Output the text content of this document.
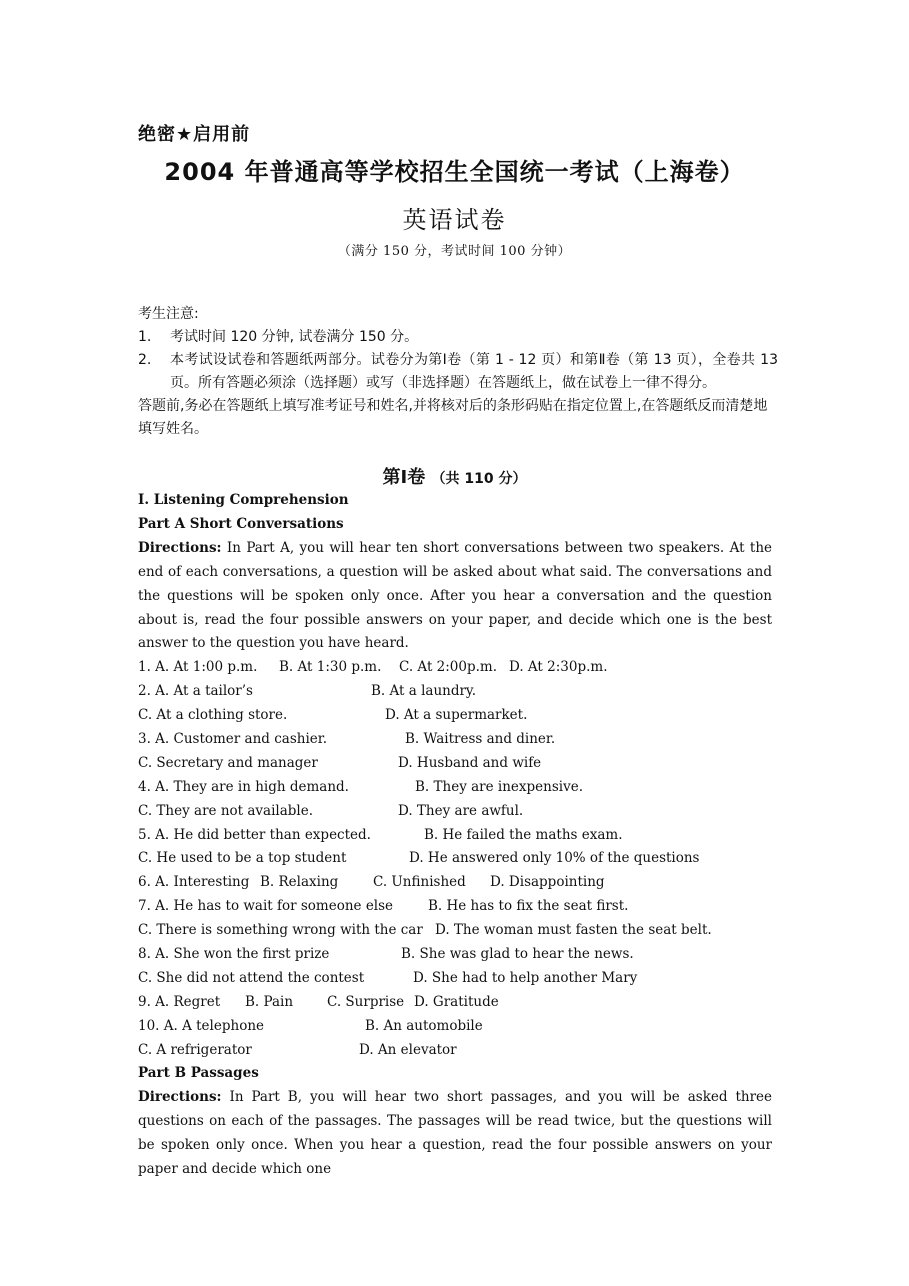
绝密★启用前
2004 年普通高等学校招生全国统一考试（上海卷）
英语试卷
（满分 150 分，考试时间 100 分钟）
考生注意:
1. 考试时间 120 分钟, 试卷满分 150 分。
2.	本考试设试卷和答题纸两部分。试卷分为第Ⅰ卷（第 1 - 12 页）和第Ⅱ卷（第 13 页），全卷共 13 页。所有答题必须涂（选择题）或写（非选择题）在答题纸上，做在试卷上一律不得分。
答题前,务必在答题纸上填写准考证号和姓名,并将核对后的条形码贴在指定位置上,在答题纸反而清楚地填写姓名。
第Ⅰ卷 （共 110 分）
I. Listening Comprehension
Part A Short Conversations
Directions: In Part A, you will hear ten short conversations between two speakers. At the end of each conversations, a question will be asked about what said. The conversations and the questions will be spoken only once. After you hear a conversation and the question about is, read the four possible answers on your paper, and decide which one is the best answer to the question you have heard.
1. A. At 1:00 p.m. B. At 1:30 p.m. C. At 2:00p.m. D. At 2:30p.m.
2. A. At a tailor’s	B. At a laundry.
C. At a clothing store.	D. At a supermarket.
3. A. Customer and cashier.	B. Waitress and diner.
C. Secretary and manager	D. Husband and wife
4. A. They are in high demand.	B. They are inexpensive.
C. They are not available.	D. They are awful.
5. A. He did better than expected.	B. He failed the maths exam.
C. He used to be a top student	D. He answered only 10% of the questions
6. A. Interesting B. Relaxing	C. Unfinished D. Disappointing
7. A. He has to wait for someone else	B. He has to fix the seat first.
C. There is something wrong with the car D. The woman must fasten the seat belt.
8. A. She won the first prize	B. She was glad to hear the news.
C. She did not attend the contest	D. She had to help another Mary
9. A. Regret B. Pain	C. Surprise D. Gratitude
10. A. A telephone	B. An automobile
C. A refrigerator	D. An elevator
Part B Passages
Directions: In Part B, you will hear two short passages, and you will be asked three questions on each of the passages. The passages will be read twice, but the questions will be spoken only once. When you hear a question, read the four possible answers on your paper and decide which one
